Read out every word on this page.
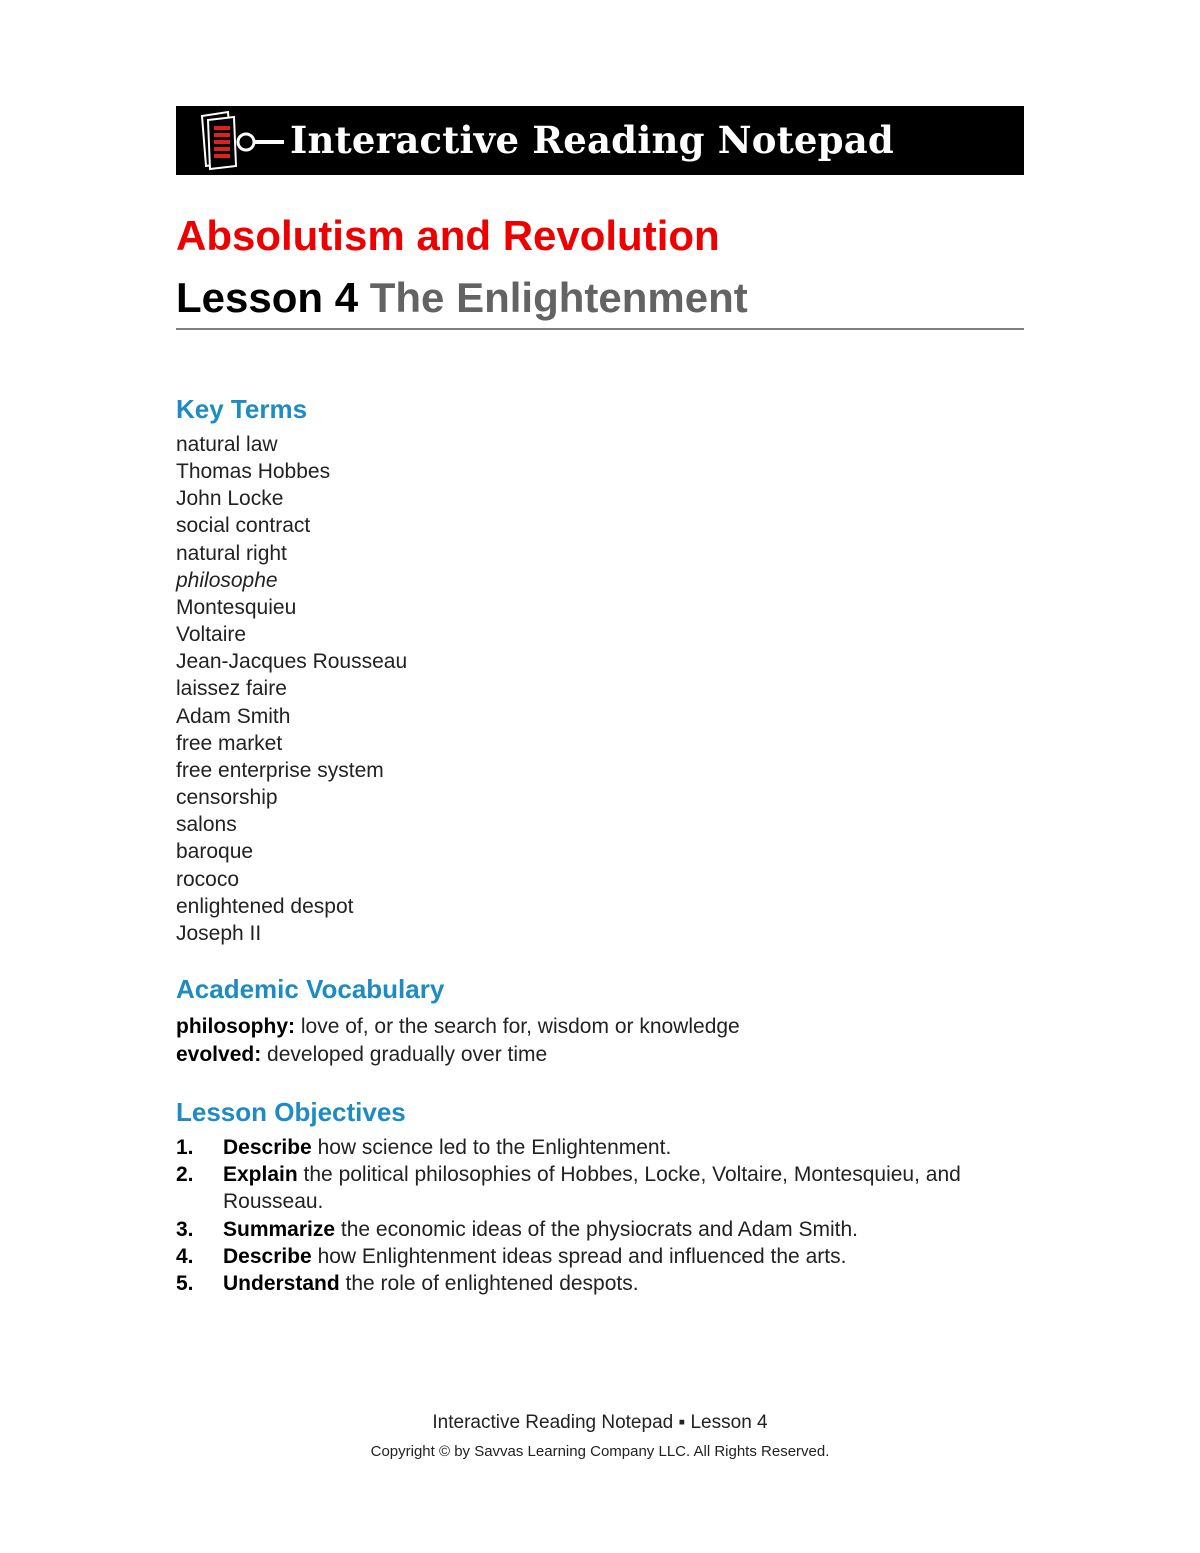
Interactive Reading Notepad
Absolutism and Revolution
Lesson 4 The Enlightenment
Key Terms
natural law
Thomas Hobbes
John Locke
social contract
natural right
philosophe
Montesquieu
Voltaire
Jean-Jacques Rousseau
laissez faire
Adam Smith
free market
free enterprise system
censorship
salons
baroque
rococo
enlightened despot
Joseph II
Academic Vocabulary
philosophy: love of, or the search for, wisdom or knowledge
evolved: developed gradually over time
Lesson Objectives
1. Describe how science led to the Enlightenment.
2. Explain the political philosophies of Hobbes, Locke, Voltaire, Montesquieu, and Rousseau.
3. Summarize the economic ideas of the physiocrats and Adam Smith.
4. Describe how Enlightenment ideas spread and influenced the arts.
5. Understand the role of enlightened despots.
Interactive Reading Notepad ▪ Lesson 4
Copyright © by Savvas Learning Company LLC. All Rights Reserved.
